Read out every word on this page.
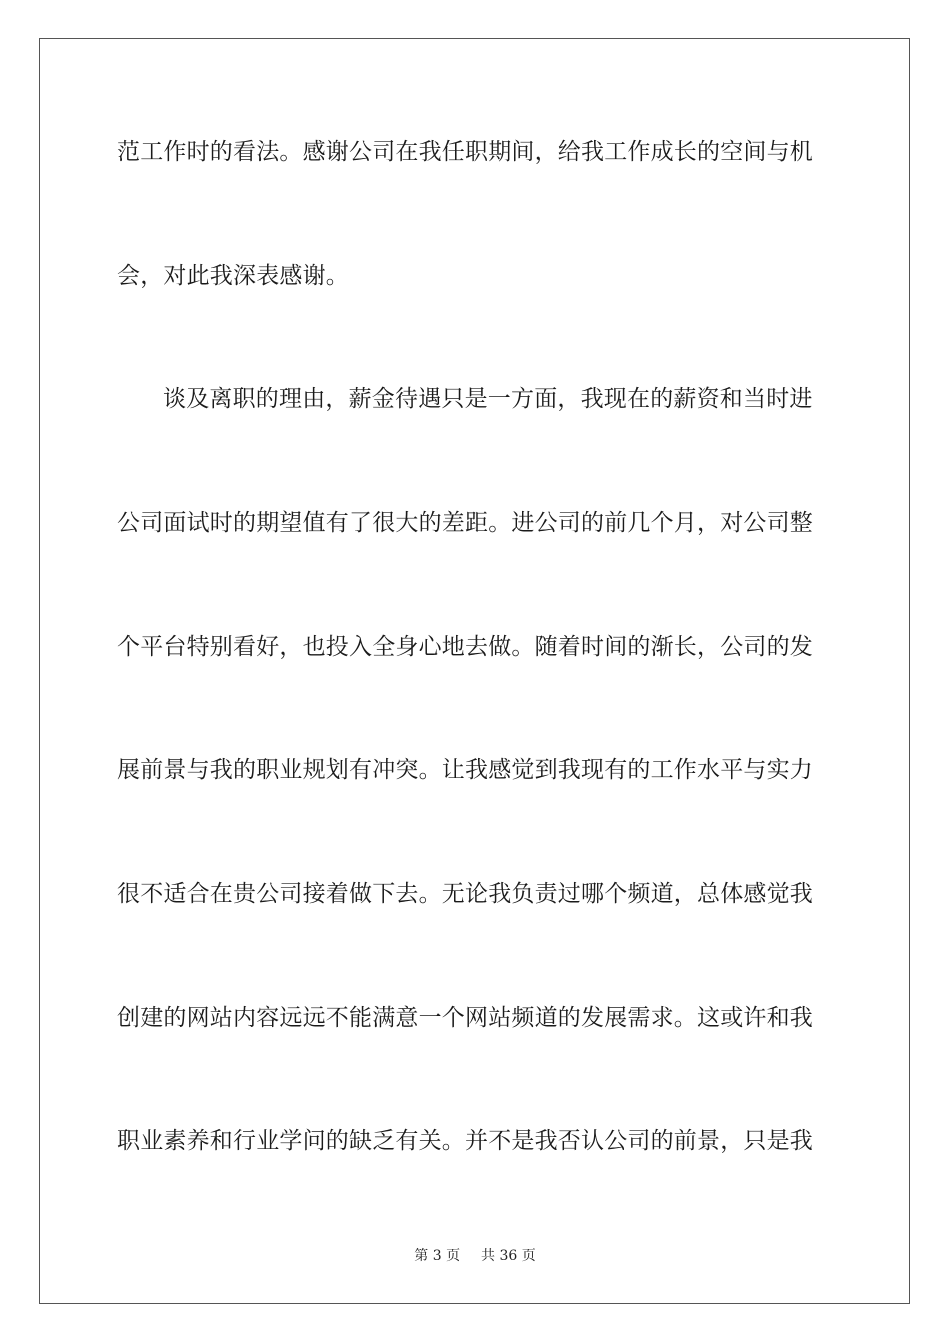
范工作时的看法。感谢公司在我任职期间，给我工作成长的空间与机
会，对此我深表感谢。
谈及离职的理由，薪金待遇只是一方面，我现在的薪资和当时进
公司面试时的期望值有了很大的差距。进公司的前几个月，对公司整
个平台特别看好，也投入全身心地去做。随着时间的渐长，公司的发
展前景与我的职业规划有冲突。让我感觉到我现有的工作水平与实力
很不适合在贵公司接着做下去。无论我负责过哪个频道，总体感觉我
创建的网站内容远远不能满意一个网站频道的发展需求。这或许和我
职业素养和行业学问的缺乏有关。并不是我否认公司的前景，只是我
第 3 页 共 36 页
